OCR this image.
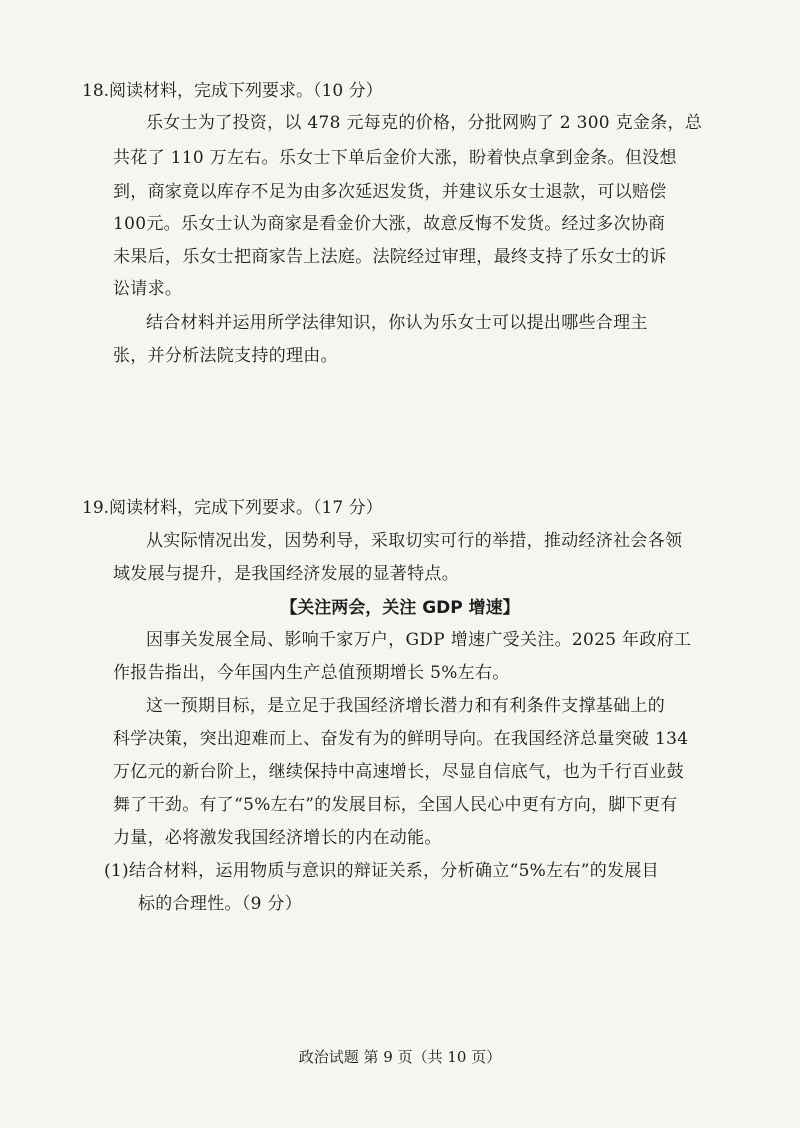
18.阅读材料，完成下列要求。（10 分）
乐女士为了投资，以 478 元每克的价格，分批网购了 2 300 克金条，总
共花了 110 万左右。乐女士下单后金价大涨，盼着快点拿到金条。但没想
到，商家竟以库存不足为由多次延迟发货，并建议乐女士退款，可以赔偿
100元。乐女士认为商家是看金价大涨，故意反悔不发货。经过多次协商
未果后，乐女士把商家告上法庭。法院经过审理，最终支持了乐女士的诉
讼请求。
结合材料并运用所学法律知识，你认为乐女士可以提出哪些合理主
张，并分析法院支持的理由。
19.阅读材料，完成下列要求。（17 分）
从实际情况出发，因势利导，采取切实可行的举措，推动经济社会各领
域发展与提升，是我国经济发展的显著特点。
【关注两会，关注 GDP 增速】
因事关发展全局、影响千家万户，GDP 增速广受关注。2025 年政府工
作报告指出，今年国内生产总值预期增长 5%左右。
这一预期目标，是立足于我国经济增长潜力和有利条件支撑基础上的
科学决策，突出迎难而上、奋发有为的鲜明导向。在我国经济总量突破 134
万亿元的新台阶上，继续保持中高速增长，尽显自信底气，也为千行百业鼓
舞了干劲。有了“5%左右”的发展目标，全国人民心中更有方向，脚下更有
力量，必将激发我国经济增长的内在动能。
(1)结合材料，运用物质与意识的辩证关系，分析确立“5%左右”的发展目
标的合理性。（9 分）
政治试题 第 9 页（共 10 页）
